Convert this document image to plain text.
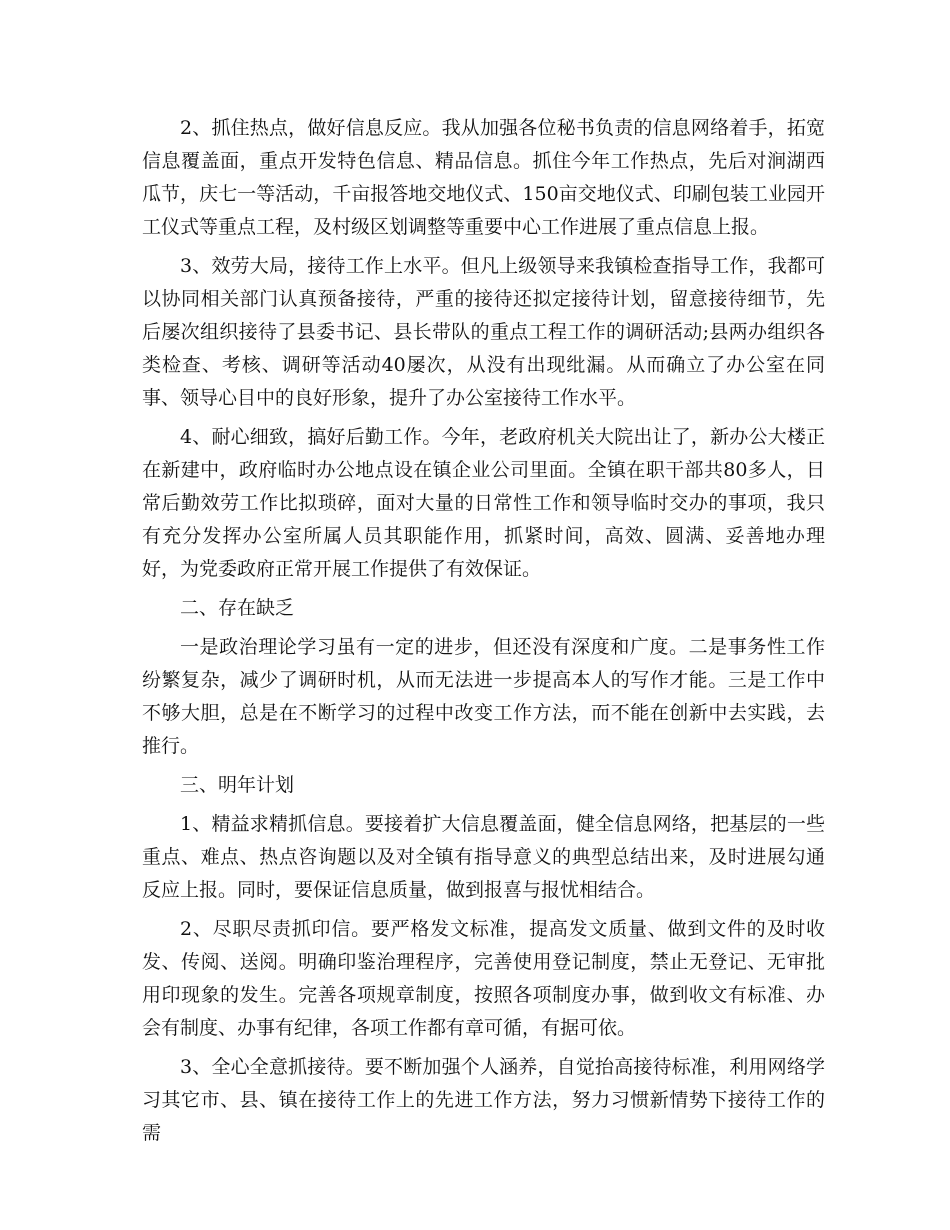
2、抓住热点，做好信息反应。我从加强各位秘书负责的信息网络着手，拓宽信息覆盖面，重点开发特色信息、精品信息。抓住今年工作热点，先后对涧湖西瓜节，庆七一等活动，千亩报答地交地仪式、150亩交地仪式、印刷包装工业园开工仪式等重点工程，及村级区划调整等重要中心工作进展了重点信息上报。

3、效劳大局，接待工作上水平。但凡上级领导来我镇检查指导工作，我都可以协同相关部门认真预备接待，严重的接待还拟定接待计划，留意接待细节，先后屡次组织接待了县委书记、县长带队的重点工程工作的调研活动;县两办组织各类检查、考核、调研等活动40屡次，从没有出现纰漏。从而确立了办公室在同事、领导心目中的良好形象，提升了办公室接待工作水平。

4、耐心细致，搞好后勤工作。今年，老政府机关大院出让了，新办公大楼正在新建中，政府临时办公地点设在镇企业公司里面。全镇在职干部共80多人，日常后勤效劳工作比拟琐碎，面对大量的日常性工作和领导临时交办的事项，我只有充分发挥办公室所属人员其职能作用，抓紧时间，高效、圆满、妥善地办理好，为党委政府正常开展工作提供了有效保证。

二、存在缺乏

一是政治理论学习虽有一定的进步，但还没有深度和广度。二是事务性工作纷繁复杂，减少了调研时机，从而无法进一步提高本人的写作才能。三是工作中不够大胆，总是在不断学习的过程中改变工作方法，而不能在创新中去实践，去推行。

三、明年计划

1、精益求精抓信息。要接着扩大信息覆盖面，健全信息网络，把基层的一些重点、难点、热点咨询题以及对全镇有指导意义的典型总结出来，及时进展勾通反应上报。同时，要保证信息质量，做到报喜与报忧相结合。

2、尽职尽责抓印信。要严格发文标准，提高发文质量、做到文件的及时收发、传阅、送阅。明确印鉴治理程序，完善使用登记制度，禁止无登记、无审批用印现象的发生。完善各项规章制度，按照各项制度办事，做到收文有标准、办会有制度、办事有纪律，各项工作都有章可循，有据可依。

3、全心全意抓接待。要不断加强个人涵养，自觉抬高接待标准，利用网络学习其它市、县、镇在接待工作上的先进工作方法，努力习惯新情势下接待工作的需
